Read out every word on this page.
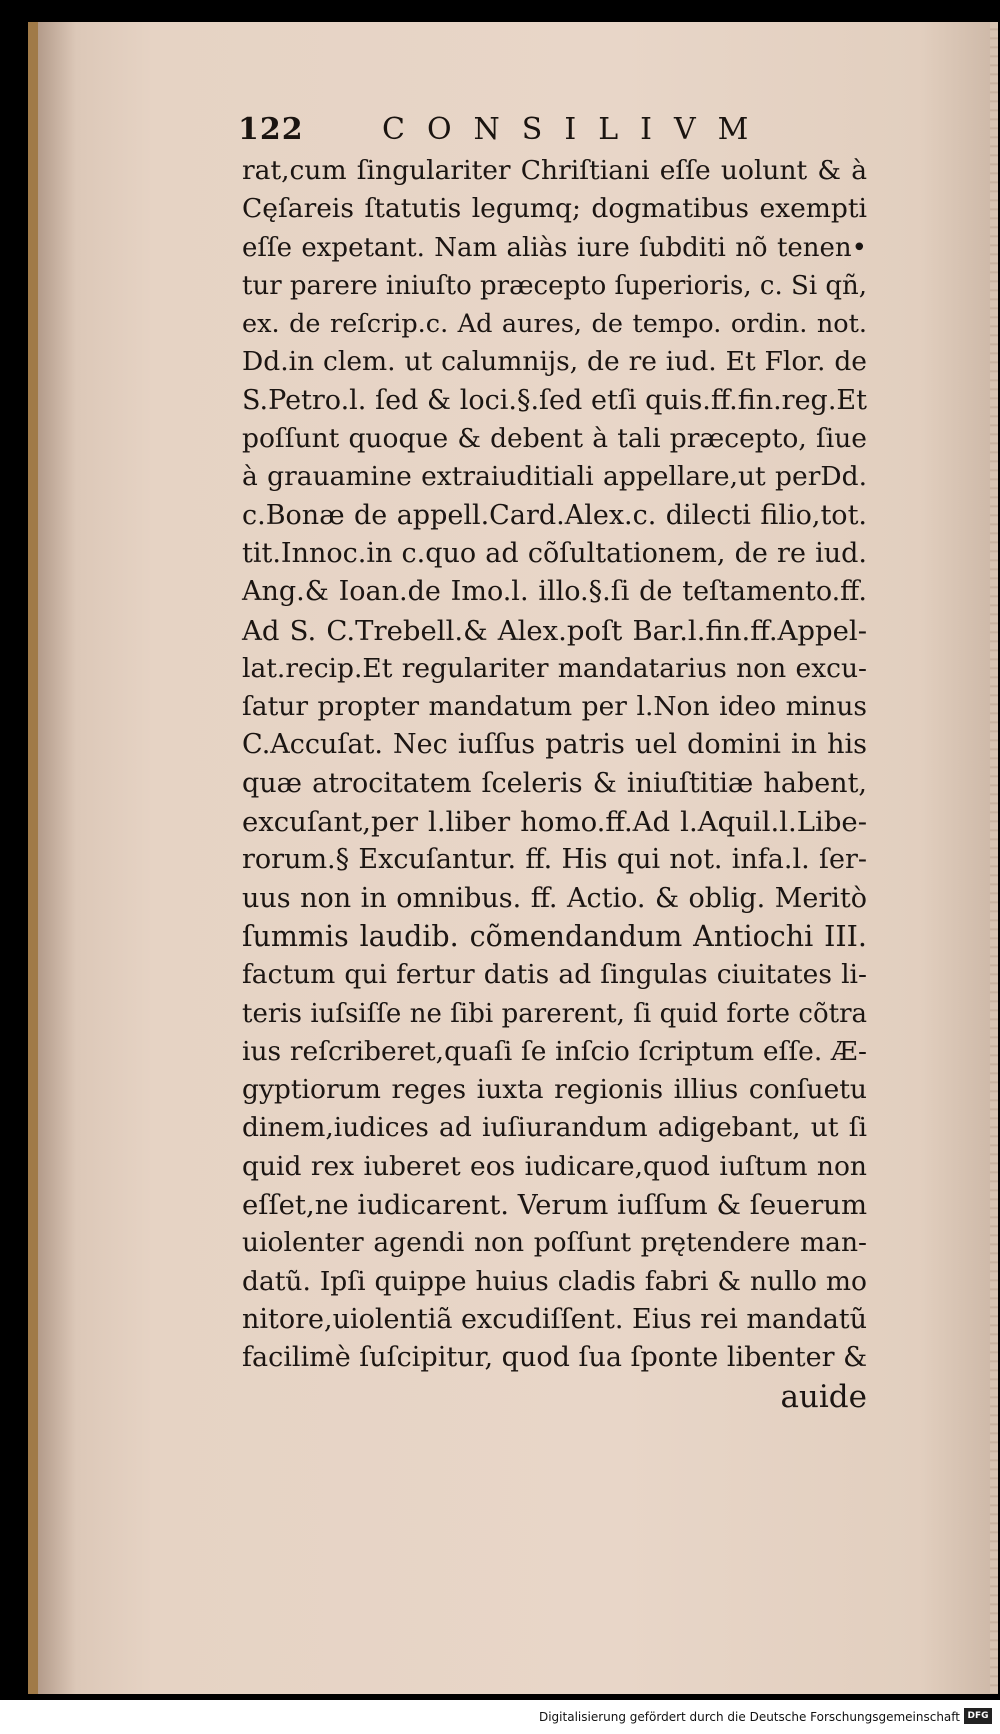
122	CONSILIVM
rat,cum ſingulariter Chriſtiani eſſe uolunt & à
Cęſareis ſtatutis legumq; dogmatibus exempti
eſſe expetant. Nam aliàs iure ſubditi nõ tenen•
tur parere iniuſto præcepto ſuperioris, c. Si qñ,
ex. de reſcrip.c. Ad aures, de tempo. ordin. not.
Dd.in clem. ut calumnijs, de re iud. Et Flor. de
S.Petro.l. ſed & loci.§.ſed etſi quis.ff.fin.reg.Et
poſſunt quoque & debent à tali præcepto, ſiue
à grauamine extraiuditiali appellare,ut perDd.
c.Bonæ de appell.Card.Alex.c. dilecti filio,tot.
tit.Innoc.in c.quo ad cõſultationem, de re iud.
Ang.& Ioan.de Imo.l. illo.§.ſi de teſtamento.ff.
Ad S. C.Trebell.& Alex.poſt Bar.l.fin.ff.Appel-
lat.recip.Et regulariter mandatarius non excu-
ſatur propter mandatum per l.Non ideo minus
C.Accuſat. Nec iuſſus patris uel domini in his
quæ atrocitatem ſceleris & iniuſtitiæ habent,
excuſant,per l.liber homo.ff.Ad l.Aquil.l.Libe-
rorum.§ Excuſantur. ff. His qui not. infa.l. ſer-
uus non in omnibus. ff. Actio. & oblig. Meritò
ſummis laudib. cõmendandum Antiochi III.
factum qui fertur datis ad ſingulas ciuitates li-
teris iuſsiſſe ne ſibi parerent, ſi quid forte cõtra
ius reſcriberet,quaſi ſe inſcio ſcriptum eſſe. Æ-
gyptiorum reges iuxta regionis illius conſuetu
dinem,iudices ad iuſiurandum adigebant, ut ſi
quid rex iuberet eos iudicare,quod iuſtum non
eſſet,ne iudicarent. Verum iuſſum & ſeuerum
uiolenter agendi non poſſunt prętendere man-
datũ. Ipſi quippe huius cladis fabri & nullo mo
nitore,uiolentiã excudiſſent. Eius rei mandatũ
facilimè ſuſcipitur, quod ſua ſponte libenter &
auide
Digitalisierung gefördert durch die Deutsche Forschungsgemeinschaft DFG
